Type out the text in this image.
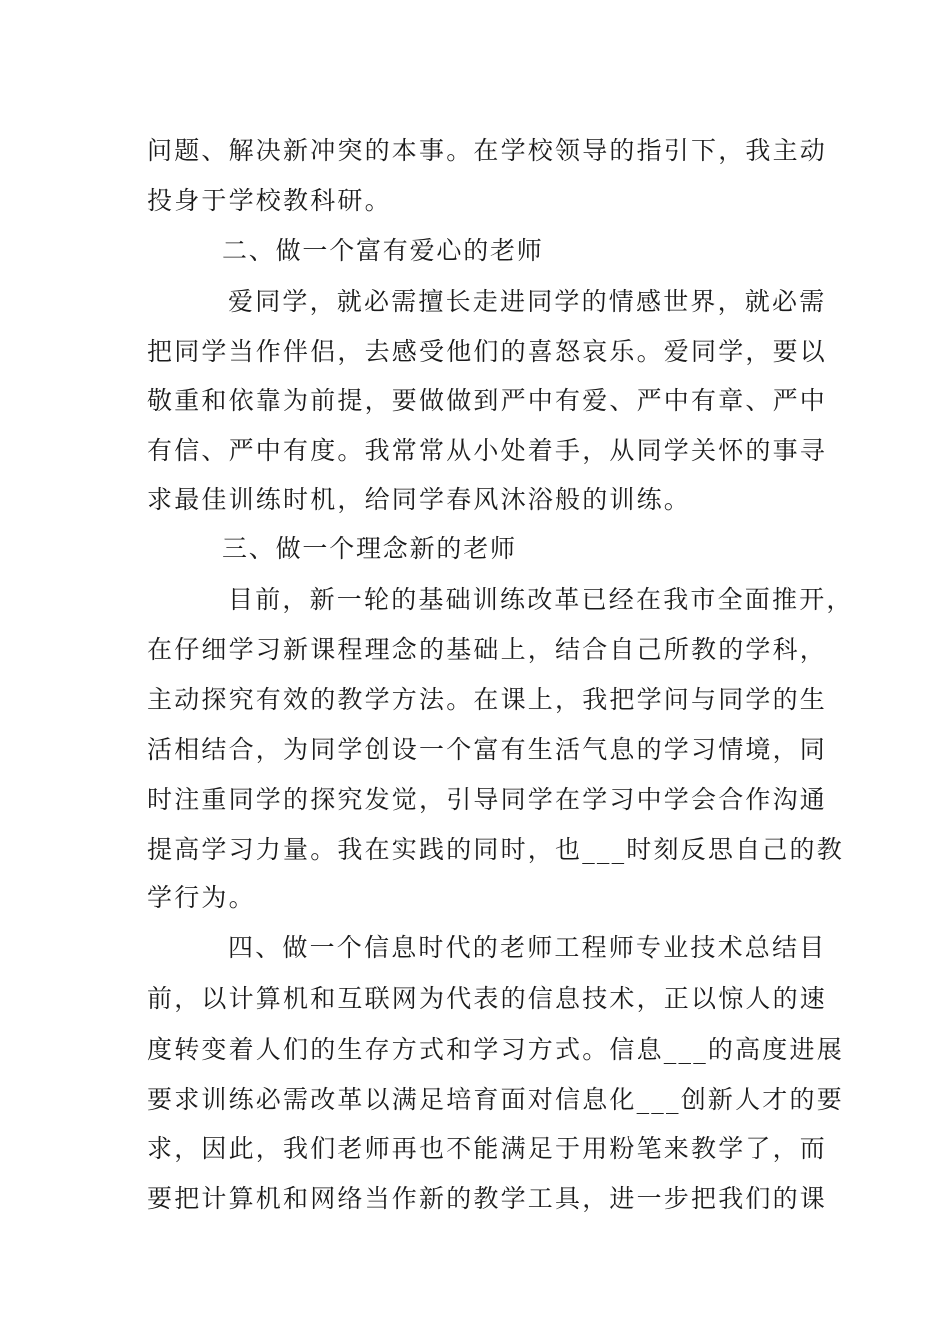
问题、解决新冲突的本事。在学校领导的指引下，我主动
投身于学校教科研。
二、做一个富有爱心的老师
爱同学，就必需擅长走进同学的情感世界，就必需
把同学当作伴侣，去感受他们的喜怒哀乐。爱同学，要以
敬重和依靠为前提，要做做到严中有爱、严中有章、严中
有信、严中有度。我常常从小处着手，从同学关怀的事寻
求最佳训练时机，给同学春风沐浴般的训练。
三、做一个理念新的老师
目前，新一轮的基础训练改革已经在我市全面推开，
在仔细学习新课程理念的基础上，结合自己所教的学科，
主动探究有效的教学方法。在课上，我把学问与同学的生
活相结合，为同学创设一个富有生活气息的学习情境，同
时注重同学的探究发觉，引导同学在学习中学会合作沟通
提高学习力量。我在实践的同时，也___时刻反思自己的教
学行为。
四、做一个信息时代的老师工程师专业技术总结目
前，以计算机和互联网为代表的信息技术，正以惊人的速
度转变着人们的生存方式和学习方式。信息___的高度进展
要求训练必需改革以满足培育面对信息化___创新人才的要
求，因此，我们老师再也不能满足于用粉笔来教学了，而
要把计算机和网络当作新的教学工具，进一步把我们的课
